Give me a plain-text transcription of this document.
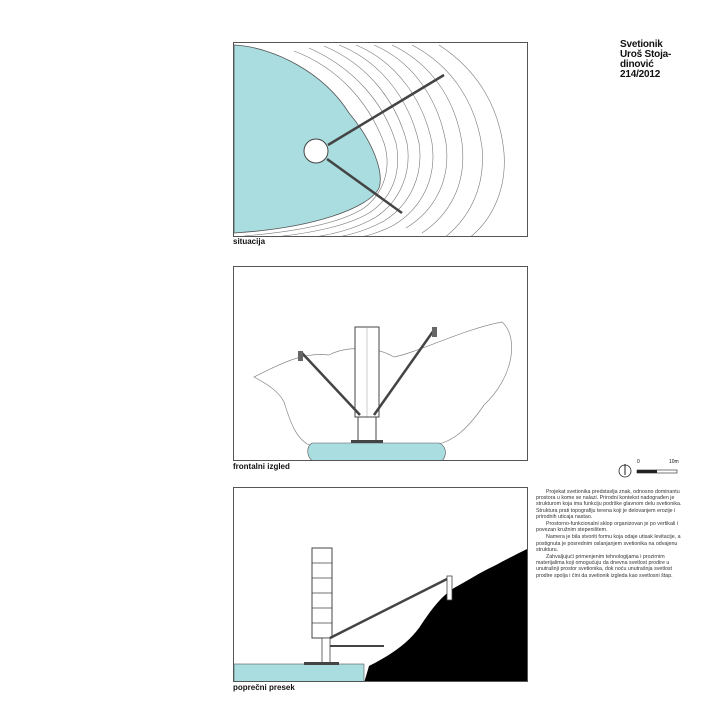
Svetionik
Uroš Stoja-
dinović
214/2012
situacija
frontalni izgled
poprečni presek
0	10m

Projekat svetionika predstavlja znak, odnosno dominantu prostora u kome se nalazi. Prirodni kontekst nadograđen je strukturom koja ima funkciju podrške glavnom delu svetionika. Struktura prati topografiju terena koji je delovanjem erozije i prirodnih uticaja nastao.

Prostorno-funkcionalni sklop organizovan je po vertikali i povezan kružnim stepeništem.

Namera je bila stvoriti formu koja odaje utisak levitacije, a postignuta je posrednim oslanjanjem svetionika na odvajenu strukturu.

Zahvaljujući primenjenim tehnologijama i prozirnim materijalima koji omogućuju da dnevna svetlost prodire u unutrašnji prostor svetionika, dok noću unutrašnja svetlost prodire spolja i čini da svetionik izgleda kao svetlosni štap.
